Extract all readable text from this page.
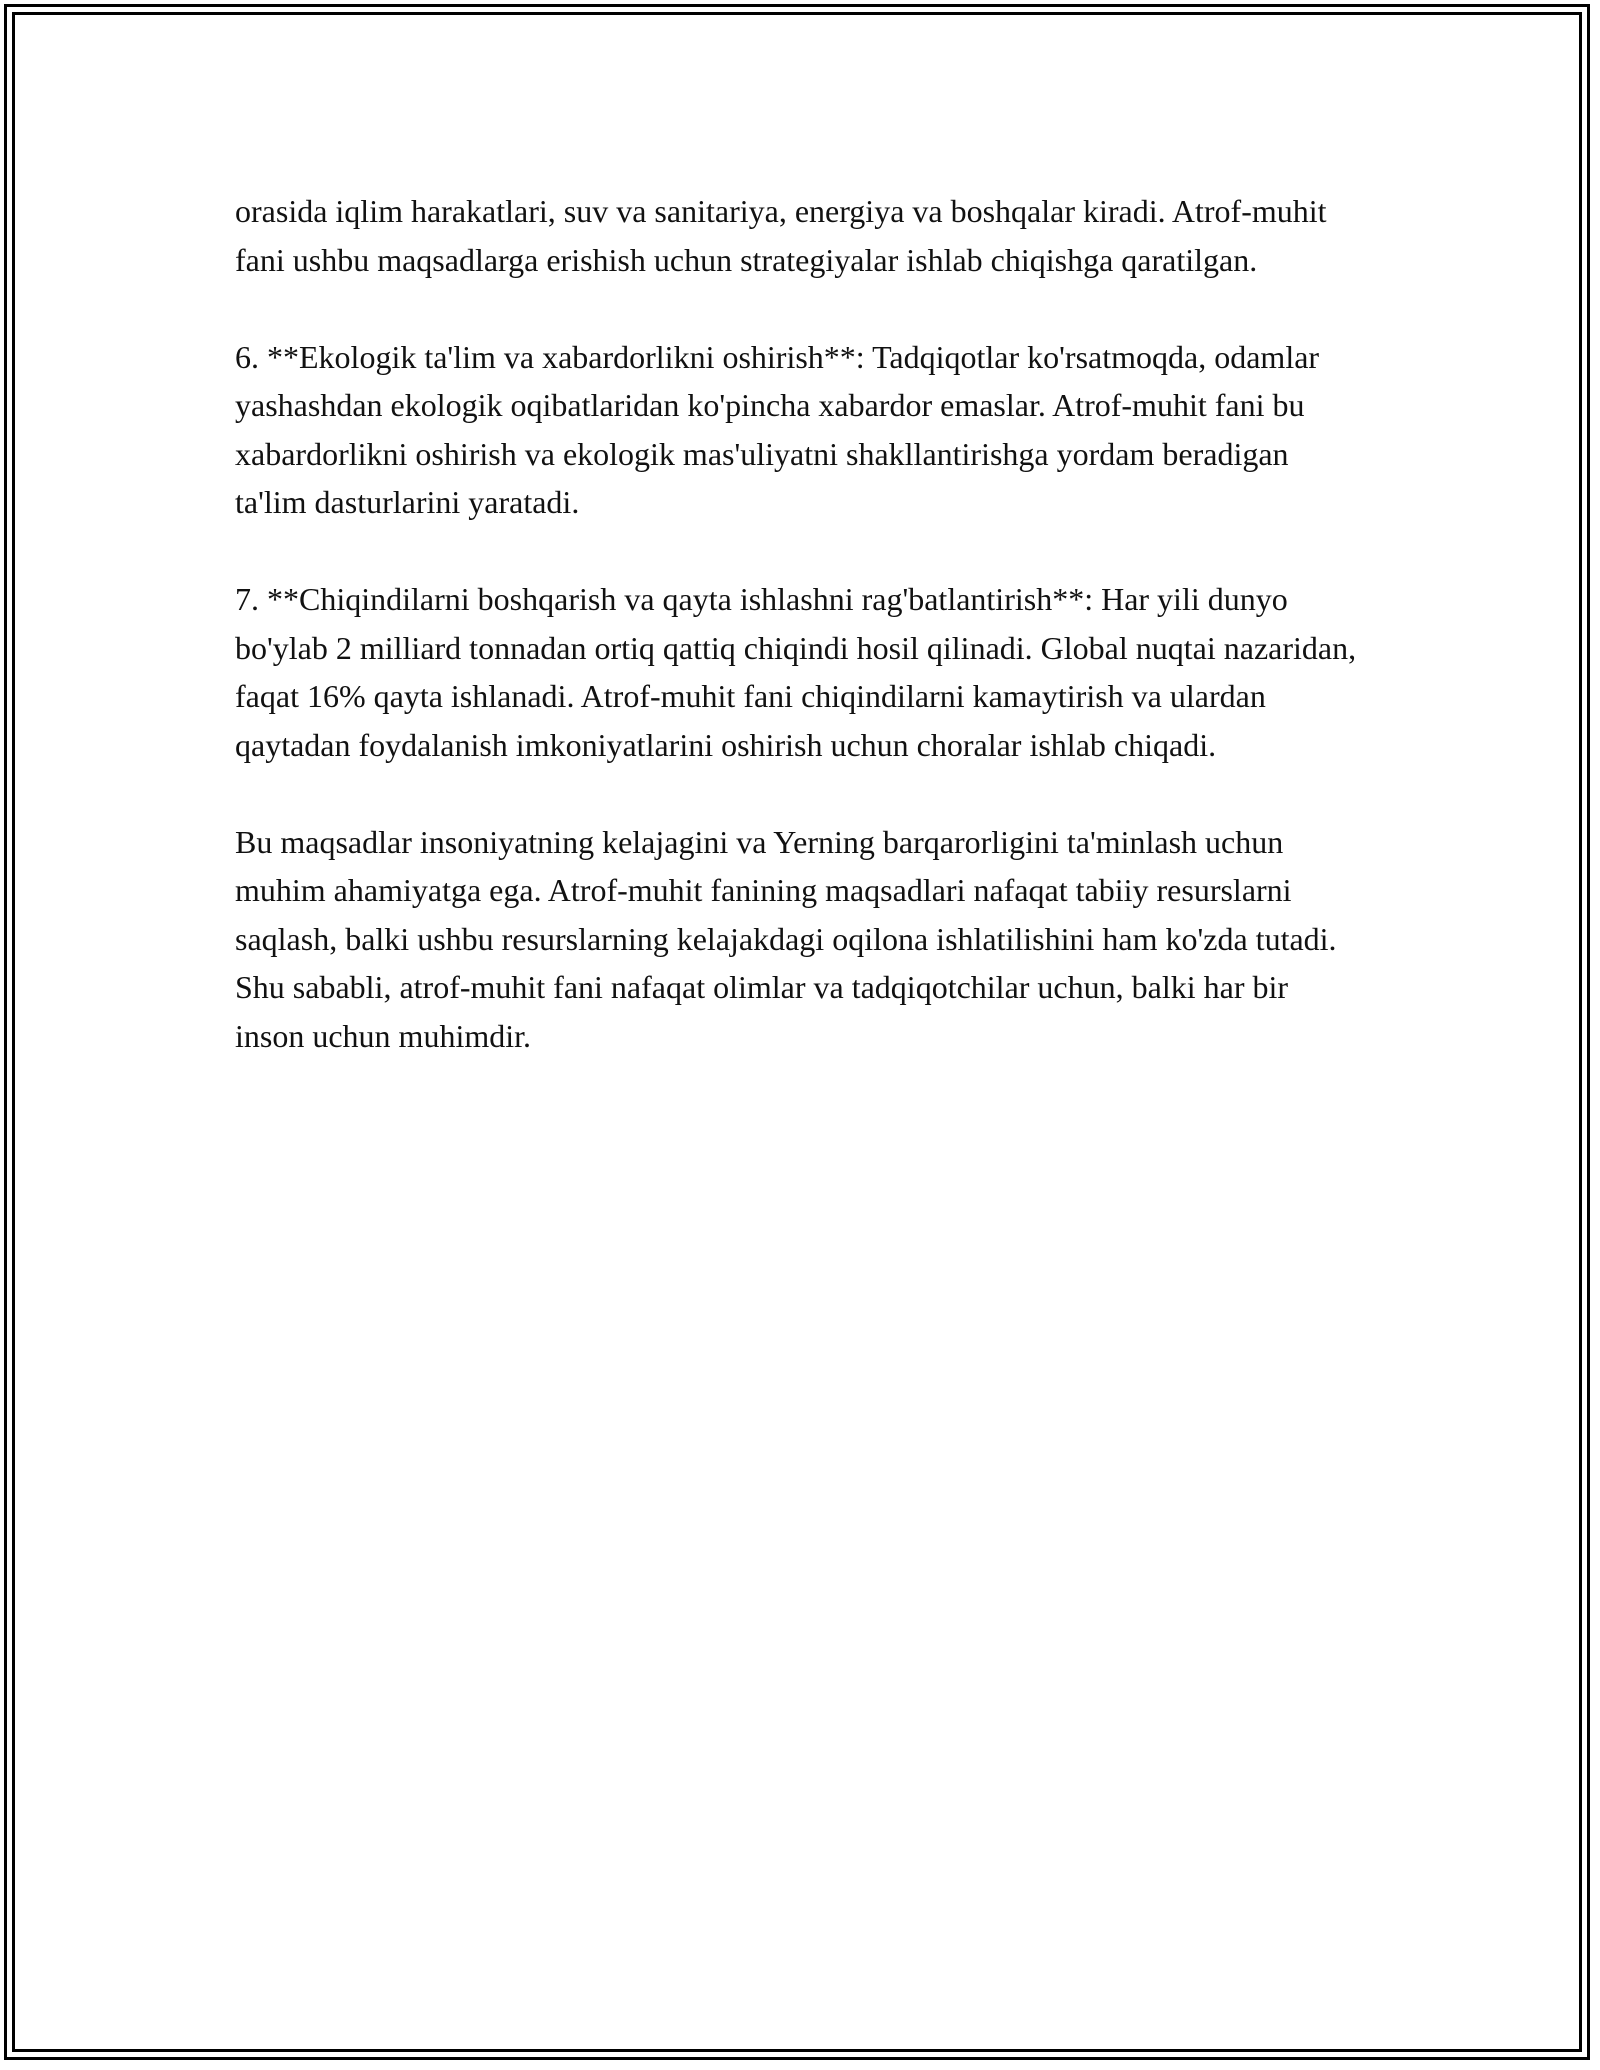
orasida iqlim harakatlari, suv va sanitariya, energiya va boshqalar kiradi. Atrof-muhit fani ushbu maqsadlarga erishish uchun strategiyalar ishlab chiqishga qaratilgan.

6. **Ekologik ta'lim va xabardorlikni oshirish**: Tadqiqotlar ko'rsatmoqda, odamlar yashashdan ekologik oqibatlaridan ko'pincha xabardor emaslar. Atrof-muhit fani bu xabardorlikni oshirish va ekologik mas'uliyatni shakllantirishga yordam beradigan ta'lim dasturlarini yaratadi.

7. **Chiqindilarni boshqarish va qayta ishlashni rag'batlantirish**: Har yili dunyo bo'ylab 2 milliard tonnadan ortiq qattiq chiqindi hosil qilinadi. Global nuqtai nazaridan, faqat 16% qayta ishlanadi. Atrof-muhit fani chiqindilarni kamaytirish va ulardan qaytadan foydalanish imkoniyatlarini oshirish uchun choralar ishlab chiqadi.

Bu maqsadlar insoniyatning kelajagini va Yerning barqarorligini ta'minlash uchun muhim ahamiyatga ega. Atrof-muhit fanining maqsadlari nafaqat tabiiy resurslarni saqlash, balki ushbu resurslarning kelajakdagi oqilona ishlatilishini ham ko'zda tutadi. Shu sababli, atrof-muhit fani nafaqat olimlar va tadqiqotchilar uchun, balki har bir inson uchun muhimdir.
